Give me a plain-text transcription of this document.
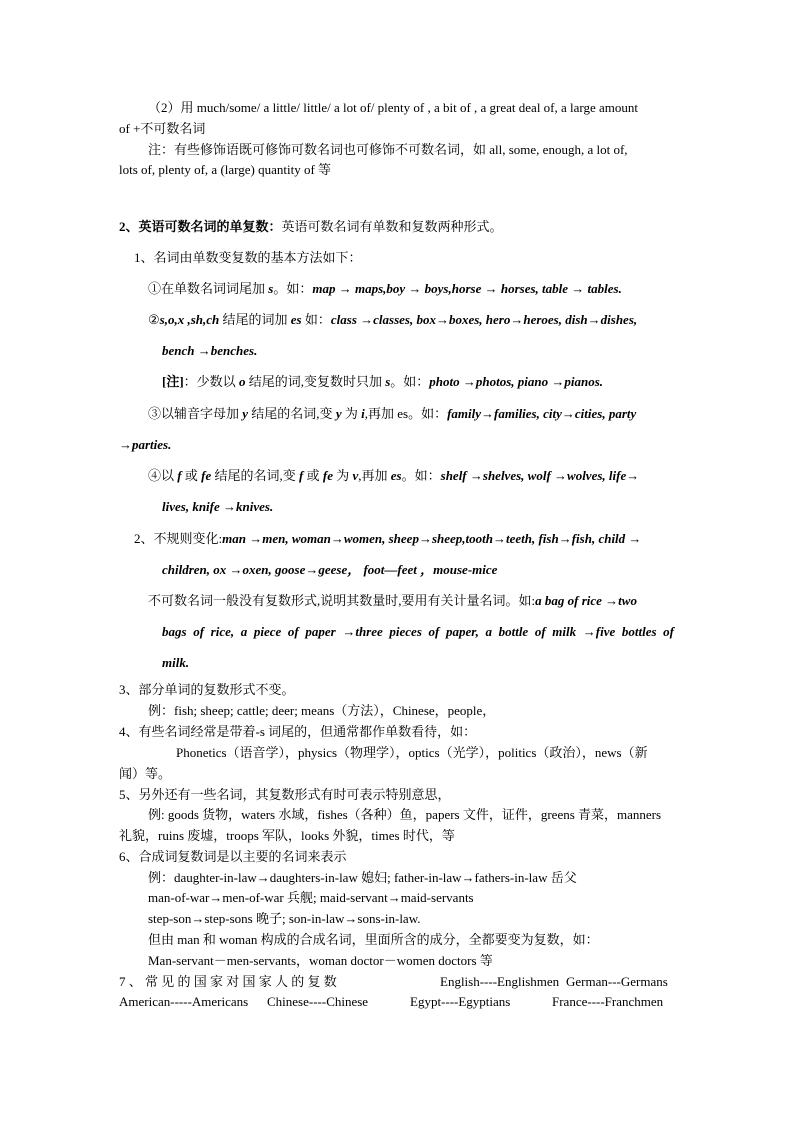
（2）用 much/some/ a little/ little/ a lot of/ plenty of , a bit of , a great deal of, a large amount
of +不可数名词
注：有些修饰语既可修饰可数名词也可修饰不可数名词，如 all, some, enough, a lot of,
lots of, plenty of, a (large) quantity of 等
2、英语可数名词的单复数：英语可数名词有单数和复数两种形式。
1、名词由单数变复数的基本方法如下：
①在单数名词词尾加 s。如：map → maps,boy → boys,horse → horses, table → tables.
②s,o,x ,sh,ch 结尾的词加 es 如：class →classes, box→boxes, hero→heroes, dish→dishes,
bench →benches.
[注]：少数以 o 结尾的词,变复数时只加 s。如：photo →photos, piano →pianos.
③以辅音字母加 y 结尾的名词,变 y 为 i,再加 es。如：family→families, city→cities, party
→parties.
④以 f 或 fe 结尾的名词,变 f 或 fe 为 v,再加 es。如：shelf →shelves, wolf →wolves, life→
lives, knife →knives.
2、不规则变化:man →men, woman→women, sheep→sheep,tooth→teeth, fish→fish, child →
children, ox →oxen, goose→geese， foot—feet ，mouse-mice
不可数名词一般没有复数形式,说明其数量时,要用有关计量名词。如:a bag of rice →two
bags of rice, a piece of paper →three pieces of paper, a bottle of milk →five bottles of
milk.
3、部分单词的复数形式不变。
例：fish; sheep; cattle; deer; means（方法），Chinese，people，
4、有些名词经常是带着-s 词尾的，但通常都作单数看待，如：
Phonetics（语音学），physics（物理学），optics（光学），politics（政治），news（新
闻）等。
5、另外还有一些名词，其复数形式有时可表示特别意思，
例: goods 货物，waters 水域，fishes（各种）鱼，papers 文件，证件，greens 青菜，manners
礼貌，ruins 废墟，troops 军队，looks 外貌，times 时代，等
6、合成词复数词是以主要的名词来表示
例：daughter-in-law→daughters-in-law 媳妇; father-in-law→fathers-in-law 岳父
man-of-war→men-of-war 兵舰; maid-servant→maid-servants
step-son→step-sons 晚子; son-in-law→sons-in-law.
但由 man 和 woman 构成的合成名词，里面所含的成分，全都要变为复数，如：
Man-servant－men-servants，woman doctor－women doctors 等
7 、 常 见 的 国 家 对 国 家 人 的 复 数	English----Englishmen German---Germans
American-----Americans Chinese----Chinese	Egypt----Egyptians	France----Franchmen
